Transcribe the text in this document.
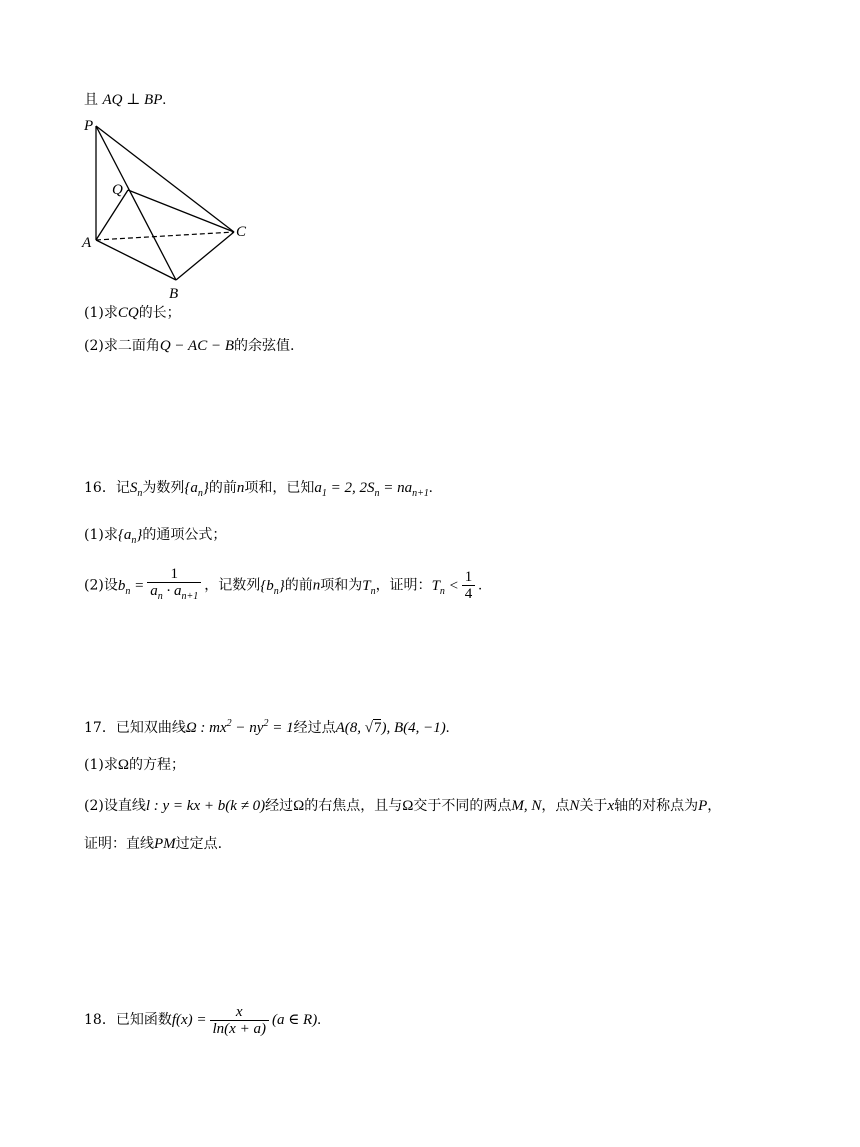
且 AQ ⊥ BP.
P
Q
A
C
B
(1)求CQ的长；
(2)求二面角Q − AC − B的余弦值.
16．记$S_n$为数列$\{a_n\}$的前n项和，已知$a_1 = 2$, $2S_n = na_{n+1}$.
(1)求$\{a_n\}$的通项公式；
(2)设$b_n = \frac{1}{a_n \cdot a_{n+1}}$ ，记数列$\{b_n\}$的前n项和为$T_n$，证明：$T_n < \frac{1}{4}$ .
17．已知双曲线Ω : $mx^2 - ny^2 = 1$经过点A(8, √7), B(4, −1).
(1)求Ω的方程；
(2)设直线l : y = kx + b(k ≠ 0)经过Ω的右焦点，且与Ω交于不同的两点M, N，点N关于x轴的对称点为P，
证明：直线PM过定点.
18．已知函数$f(x) = \frac{x}{\ln(x + a)} (a$ ∈ R).
